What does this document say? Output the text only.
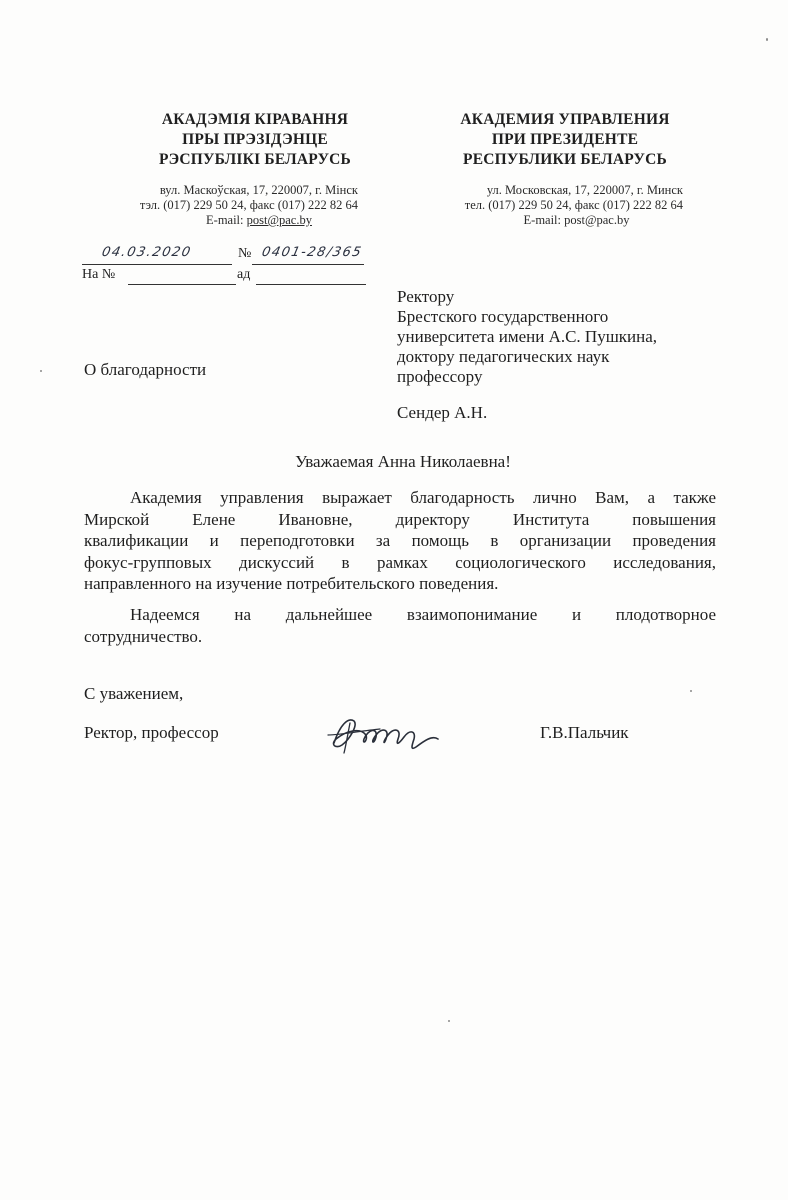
АКАДЭМІЯ КІРАВАННЯ
ПРЫ ПРЭЗІДЭНЦЕ
РЭСПУБЛІКІ БЕЛАРУСЬ
вул. Маскоўская, 17, 220007, г. Мінск
тэл. (017) 229 50 24, факс (017) 222 82 64
E-mail: post@pac.by
АКАДЕМИЯ УПРАВЛЕНИЯ
ПРИ ПРЕЗИДЕНТЕ
РЕСПУБЛИКИ БЕЛАРУСЬ
ул. Московская, 17, 220007, г. Минск
тел. (017) 229 50 24, факс (017) 222 82 64
E-mail: post@pac.by
04.03.2020	№ 0401-28/365
На №	ад
Ректору
Брестского государственного
университета имени А.С. Пушкина,
доктору педагогических наук
профессору
Сендер А.Н.
О благодарности
Уважаемая Анна Николаевна!
Академия управления выражает благодарность лично Вам, а также
Мирской Елене Ивановне, директору Института повышения
квалификации и переподготовки за помощь в организации проведения
фокус-групповых дискуссий в рамках социологического исследования,
направленного на изучение потребительского поведения.
Надеемся на дальнейшее взаимопонимание и плодотворное
сотрудничество.
С уважением,
Ректор, профессор	Г.В.Пальчик
